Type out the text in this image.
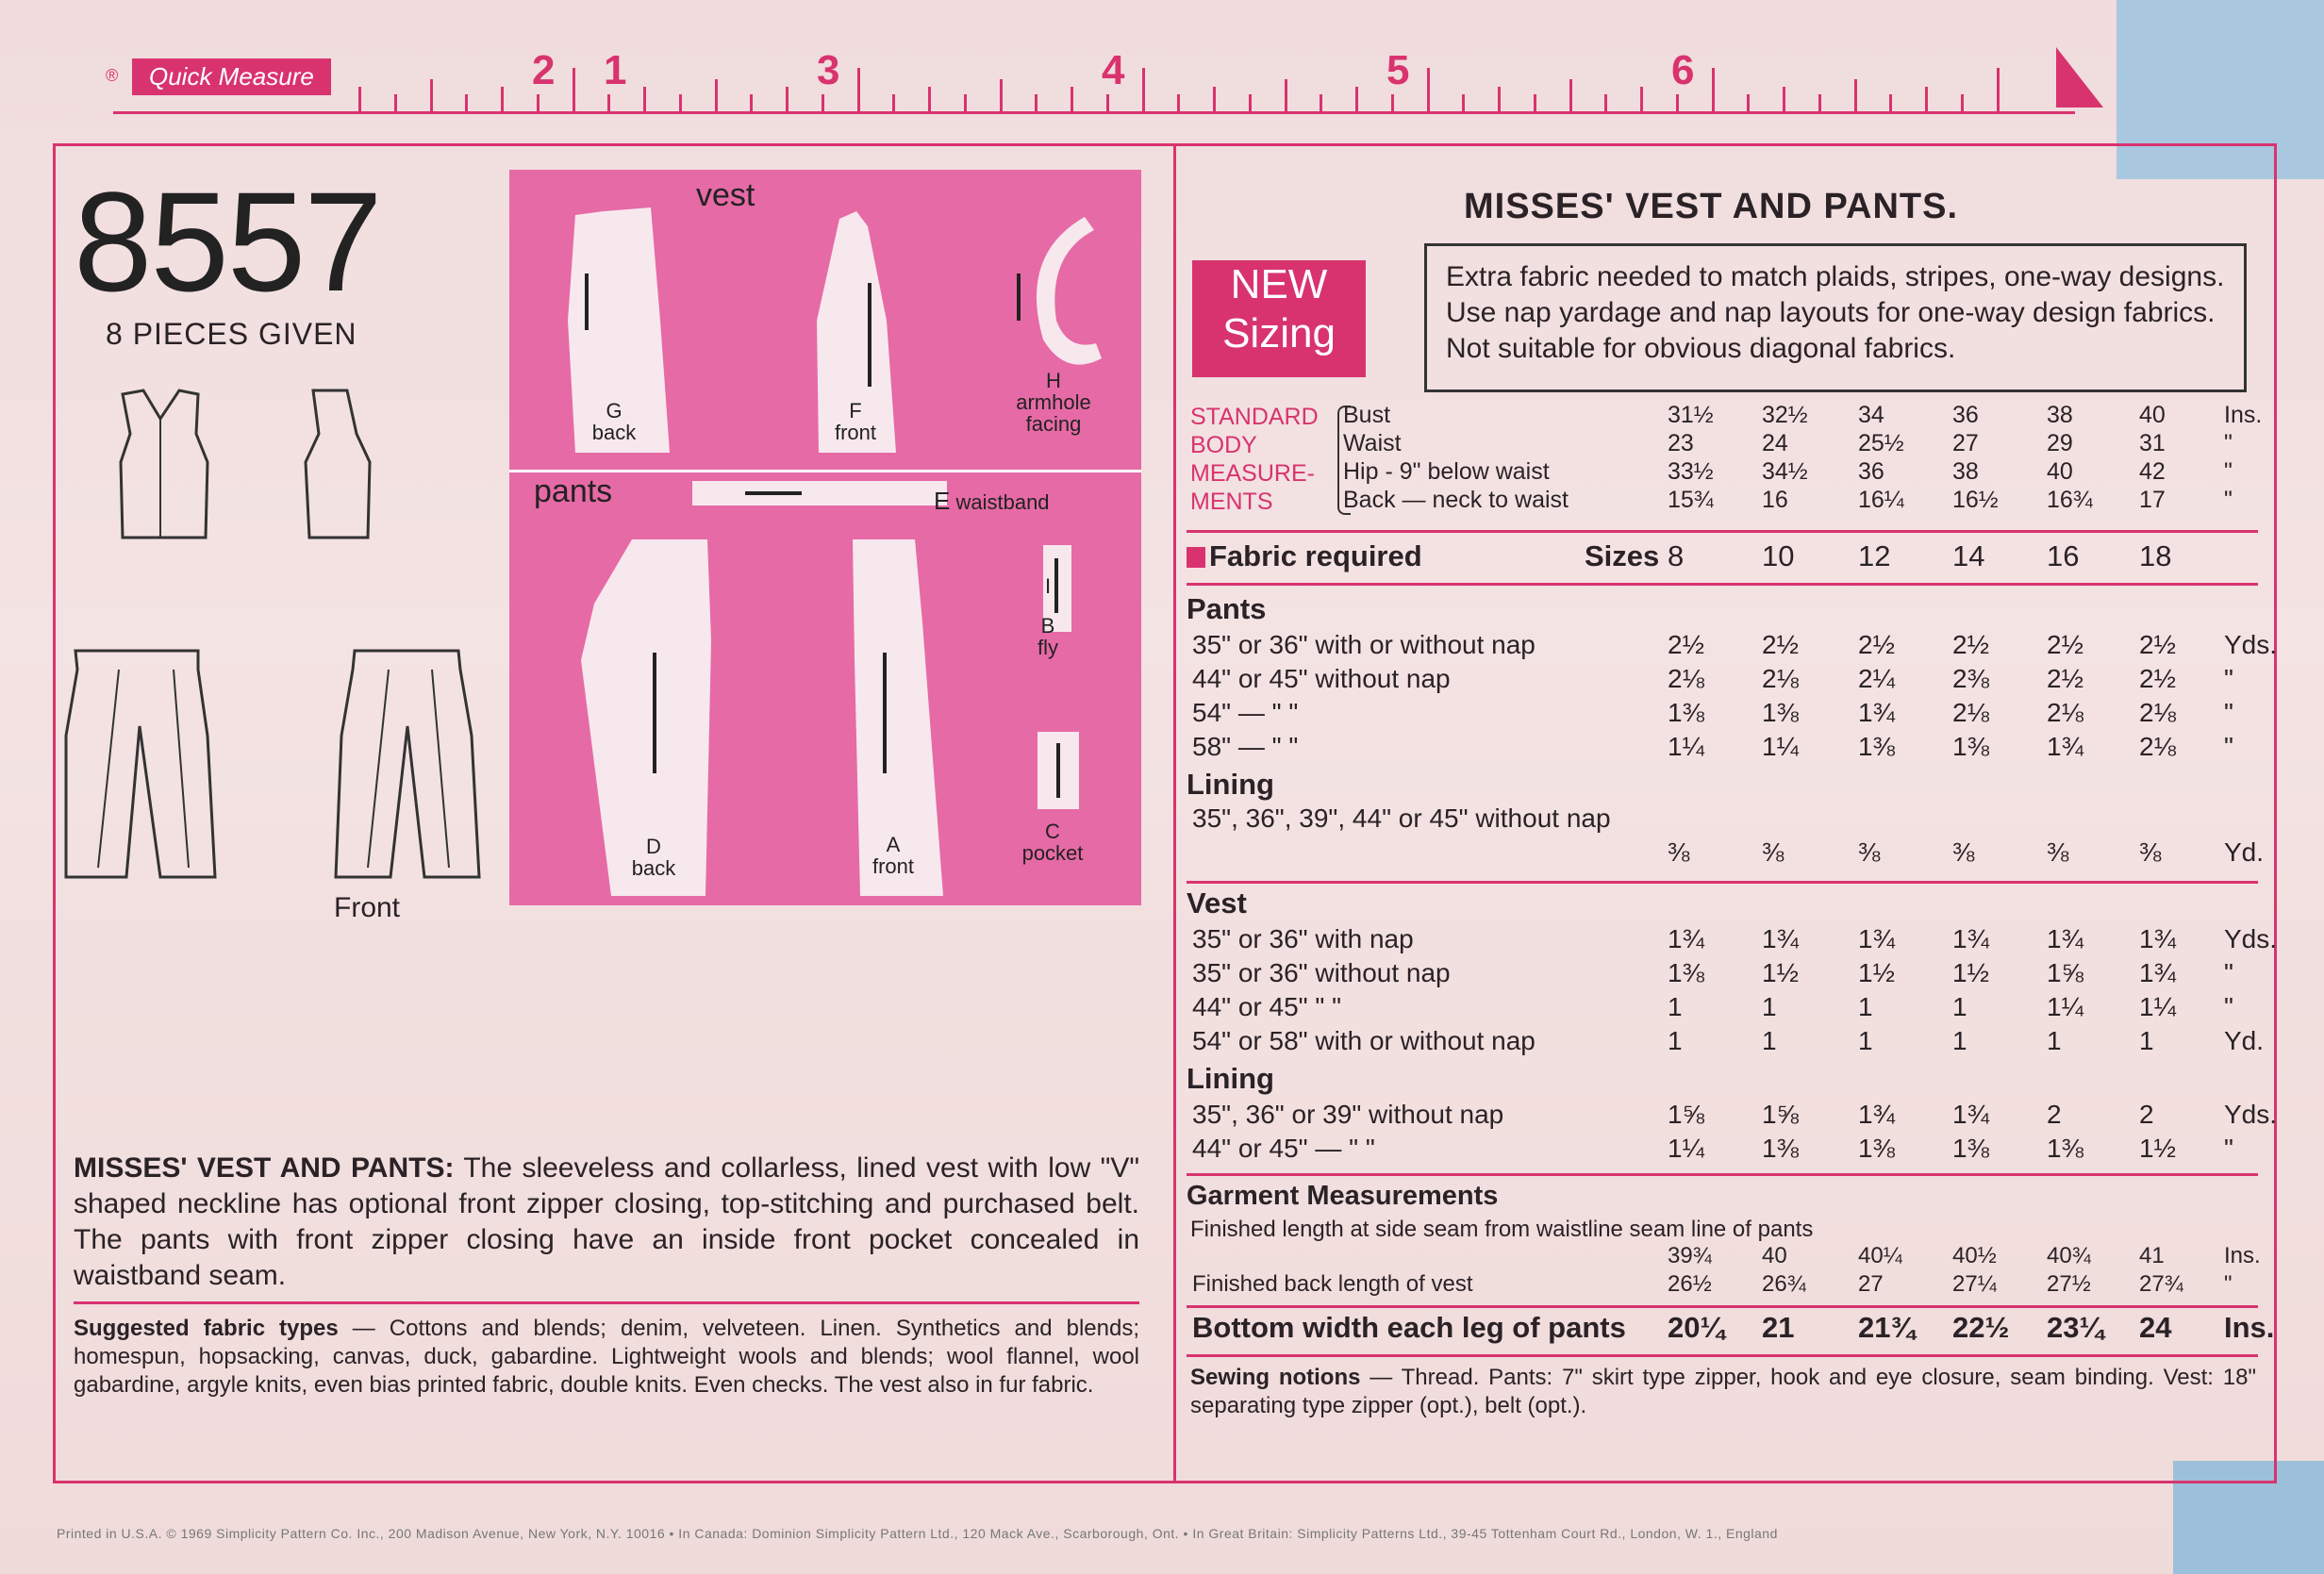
®	Quick Measure	1
2	3	4	5	6
8557
8 PIECES GIVEN
Front
vest
pants
G
back
F
front
H
armhole facing
E waistband
I
B
fly
D
back
A
front
C
pocket
MISSES' VEST AND PANTS: The sleeveless and collarless, lined vest with low "V" shaped neckline has optional front zipper closing, top-stitching and purchased belt. The pants with front zipper closing have an inside front pocket concealed in waistband seam.
Suggested fabric types — Cottons and blends; denim, velveteen. Linen. Synthetics and blends; homespun, hopsacking, canvas, duck, gabardine. Lightweight wools and blends; wool flannel, wool gabardine, argyle knits, even bias printed fabric, double knits. Even checks. The vest also in fur fabric.
MISSES' VEST AND PANTS.
NEW
Sizing
Extra fabric needed to match plaids, stripes, one-way designs.
Use nap yardage and nap layouts for one-way design fabrics.
Not suitable for obvious diagonal fabrics.
STANDARD
BODY
MEASURE-
MENTS
Bust	31½ 32½ 34	36	38	40 Ins.
Waist	23	24	25½ 27	29	31 "
Hip - 9" below waist	33½ 34½ 36	38	40	42 "
Back — neck to waist	15¾ 16	16¼ 16½ 16¾ 17 "
Fabric required	Sizes 8	10 12 14 16 18
Pants
35" or 36" with or without nap	2½ 2½ 2½ 2½ 2½ 2½ Yds.
44" or 45" without nap	2⅛ 2⅛ 2¼ 2⅜ 2½ 2½ "
54" — " "	1⅜ 1⅜ 1¾ 2⅛ 2⅛ 2⅛ "
58" — " "	1¼ 1¼ 1⅜ 1⅜ 1¾ 2⅛ "
Lining
35", 36", 39", 44" or 45" without nap
⅜	⅜	⅜	⅜	⅜	⅜ Yd.
Vest
35" or 36" with nap	1¾ 1¾ 1¾ 1¾ 1¾ 1¾ Yds.
35" or 36" without nap	1⅜ 1½ 1½ 1½ 1⅝ 1¾ "
44" or 45" " "	1	1	1	1	1¼ 1¼ "
54" or 58" with or without nap	1	1	1	1	1	1	Yd.
Lining
35", 36" or 39" without nap	1⅝ 1⅝ 1¾ 1¾ 2	2	Yds.
44" or 45" — " "	1¼ 1⅜ 1⅜ 1⅜ 1⅜ 1½ "
Garment Measurements
Finished length at side seam from waistline seam line of pants
39¾ 40	40¼ 40½ 40¾ 41	Ins.
Finished back length of vest	26½ 26¾ 27	27¼ 27½ 27¾ "
Bottom width each leg of pants 20¼ 21 21¾ 22½ 23¼ 24 Ins.
Sewing notions — Thread. Pants: 7" skirt type zipper, hook and eye closure, seam binding. Vest: 18" separating type zipper (opt.), belt (opt.).
Printed in U.S.A. © 1969 Simplicity Pattern Co. Inc., 200 Madison Avenue, New York, N.Y. 10016 • In Canada: Dominion Simplicity Pattern Ltd., 120 Mack Ave., Scarborough, Ont. • In Great Britain: Simplicity Patterns Ltd., 39-45 Tottenham Court Rd., London, W. 1., England
